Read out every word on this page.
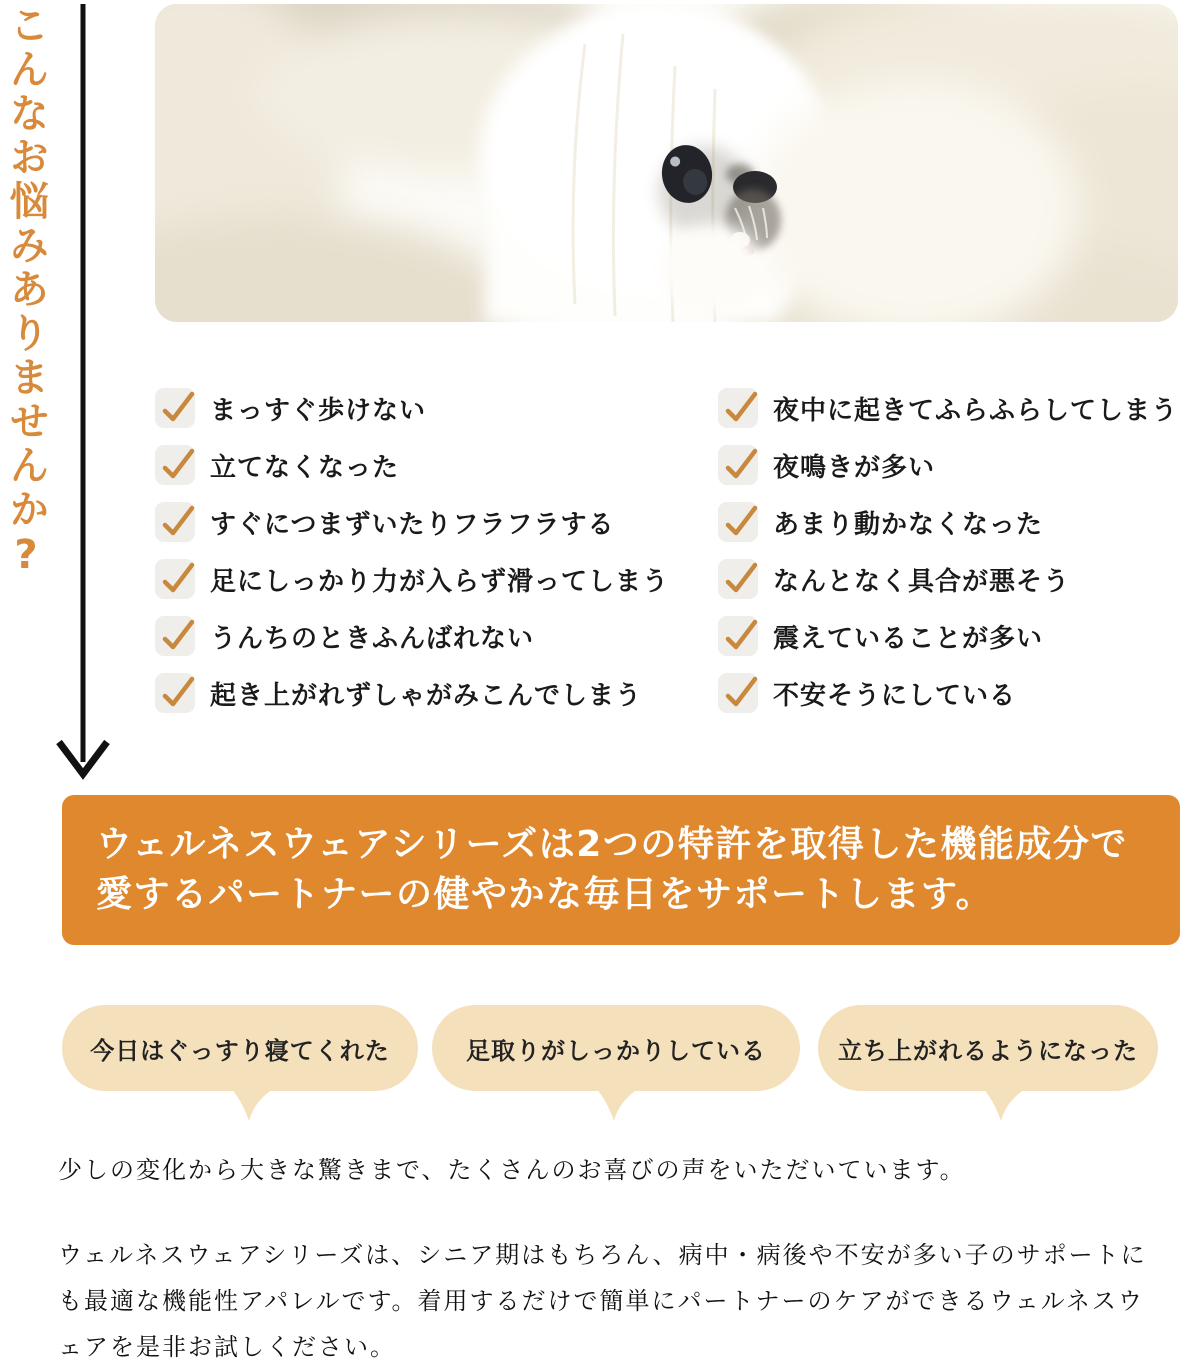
こんなお悩みありませんか?	まっすぐ歩けない
立てなくなった
すぐにつまずいたりフラフラする
足にしっかり力が入らず滑ってしまう
うんちのときふんばれない
起き上がれずしゃがみこんでしまう
夜中に起きてふらふらしてしまう
夜鳴きが多い
あまり動かなくなった
なんとなく具合が悪そう
震えていることが多い
不安そうにしている
ウェルネスウェアシリーズは2つの特許を取得した機能成分で
愛するパートナーの健やかな毎日をサポートします。
今日はぐっすり寝てくれた	足取りがしっかりしている	立ち上がれるようになった
少しの変化から大きな驚きまで、たくさんのお喜びの声をいただいています。
ウェルネスウェアシリーズは、シニア期はもちろん、病中・病後や不安が多い子のサポートに
も最適な機能性アパレルです。着用するだけで簡単にパートナーのケアができるウェルネスウ
ェアを是非お試しください。
